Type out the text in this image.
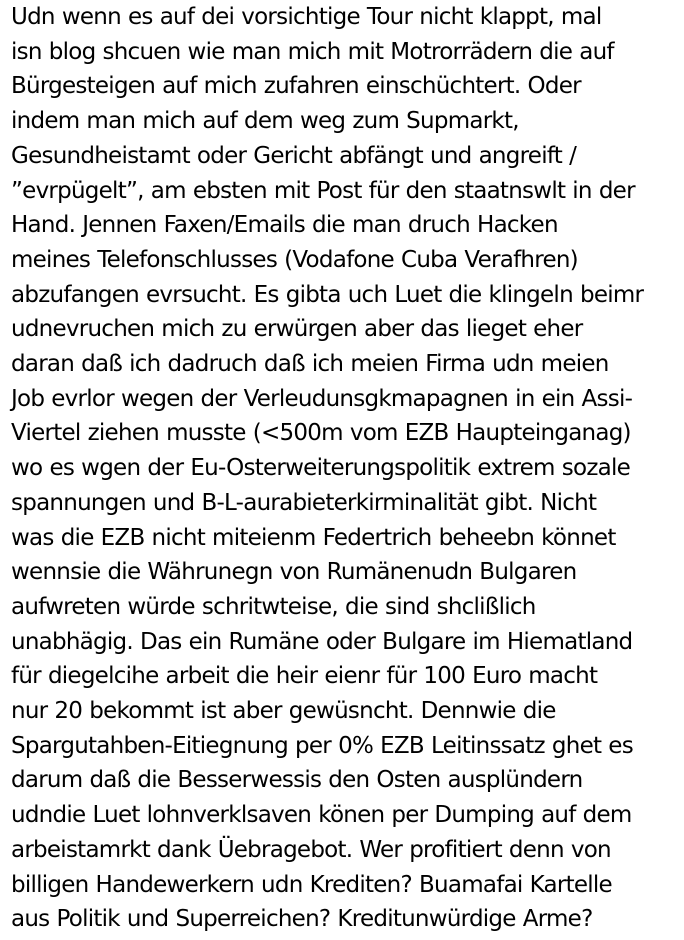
Udn wenn es auf dei vorsichtige Tour nicht klappt, mal
isn blog shcuen wie man mich mit Motrorrädern die auf
Bürgesteigen auf mich zufahren einschüchtert. Oder
indem man mich auf dem weg zum Supmarkt,
Gesundheistamt oder Gericht abfängt und angreift /
”evrpügelt”, am ebsten mit Post für den staatnswlt in der
Hand. Jennen Faxen/Emails die man druch Hacken
meines Telefonschlusses (Vodafone Cuba Verafhren)
abzufangen evrsucht. Es gibta uch Luet die klingeln beimr
udnevruchen mich zu erwürgen aber das lieget eher
daran daß ich dadruch daß ich meien Firma udn meien
Job evrlor wegen der Verleudunsgkmapagnen in ein Assi-
Viertel ziehen musste (<500m vom EZB Haupteinganag)
wo es wgen der Eu-Osterweiterungspolitik extrem sozale
spannungen und B-L-aurabieterkirminalität gibt. Nicht
was die EZB nicht miteienm Federtrich beheebn könnet
wennsie die Währunegn von Rumänenudn Bulgaren
aufwreten würde schritwteise, die sind shclißlich
unabhägig. Das ein Rumäne oder Bulgare im Hiematland
für diegelcihe arbeit die heir eienr für 100 Euro macht
nur 20 bekommt ist aber gewüsncht. Dennwie die
Spargutahben-Eitiegnung per 0% EZB Leitinssatz ghet es
darum daß die Besserwessis den Osten ausplündern
udndie Luet lohnverklsaven könen per Dumping auf dem
arbeistamrkt dank Üebragebot. Wer profitiert denn von
billigen Handewerkern udn Krediten? Buamafai Kartelle
aus Politik und Superreichen? Kreditunwürdige Arme?
